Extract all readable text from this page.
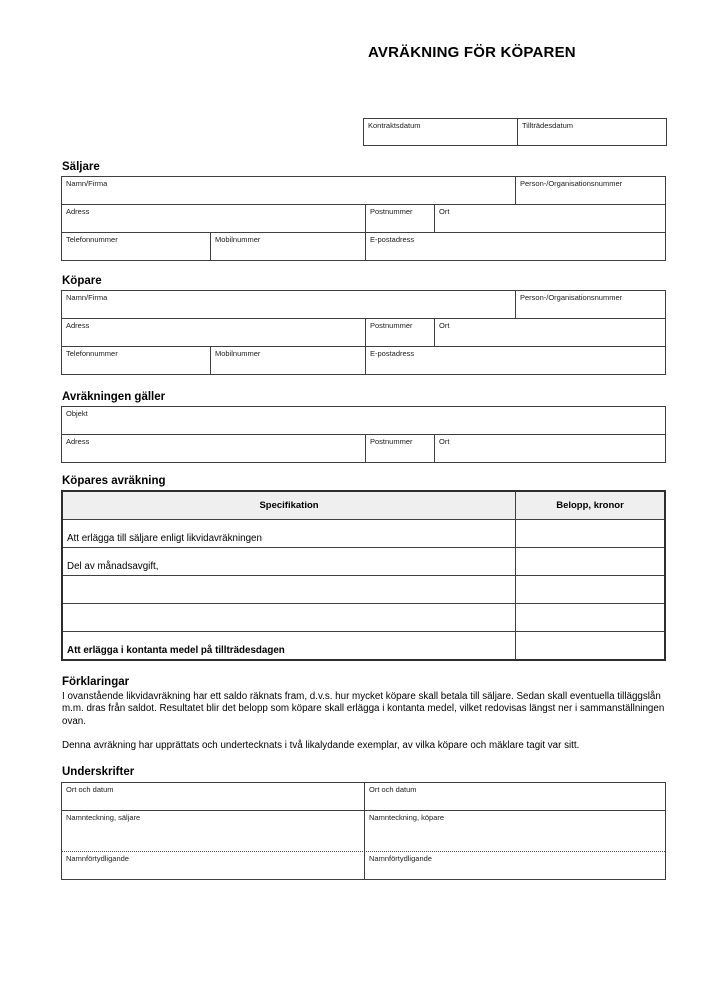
AVRÄKNING FÖR KÖPAREN
Kontraktsdatum	Tillträdesdatum
Säljare
Namn/Firma	Person-/Organisationsnummer
Adress	Postnummer	Ort
Telefonnummer	Mobilnummer	E-postadress
Köpare
Namn/Firma	Person-/Organisationsnummer
Adress	Postnummer	Ort
Telefonnummer	Mobilnummer	E-postadress
Avräkningen gäller
Objekt
Adress	Postnummer	Ort
Köpares avräkning
Specifikation	Belopp, kronor
Att erlägga till säljare enligt likvidavräkningen
Del av månadsavgift,
Att erlägga i kontanta medel på tillträdesdagen
Förklaringar

I ovanstående likvidavräkning har ett saldo räknats fram, d.v.s. hur mycket köpare skall betala till säljare. Sedan skall eventuella tilläggslån m.m. dras från saldot. Resultatet blir det belopp som köpare skall erlägga i kontanta medel, vilket redovisas längst ner i sammanställningen ovan.

Denna avräkning har upprättats och undertecknats i två likalydande exemplar, av vilka köpare och mäklare tagit var sitt.

Underskrifter
Ort och datum	Ort och datum
Namnteckning, säljare	Namnteckning, köpare
Namnförtydligande	Namnförtydligande
